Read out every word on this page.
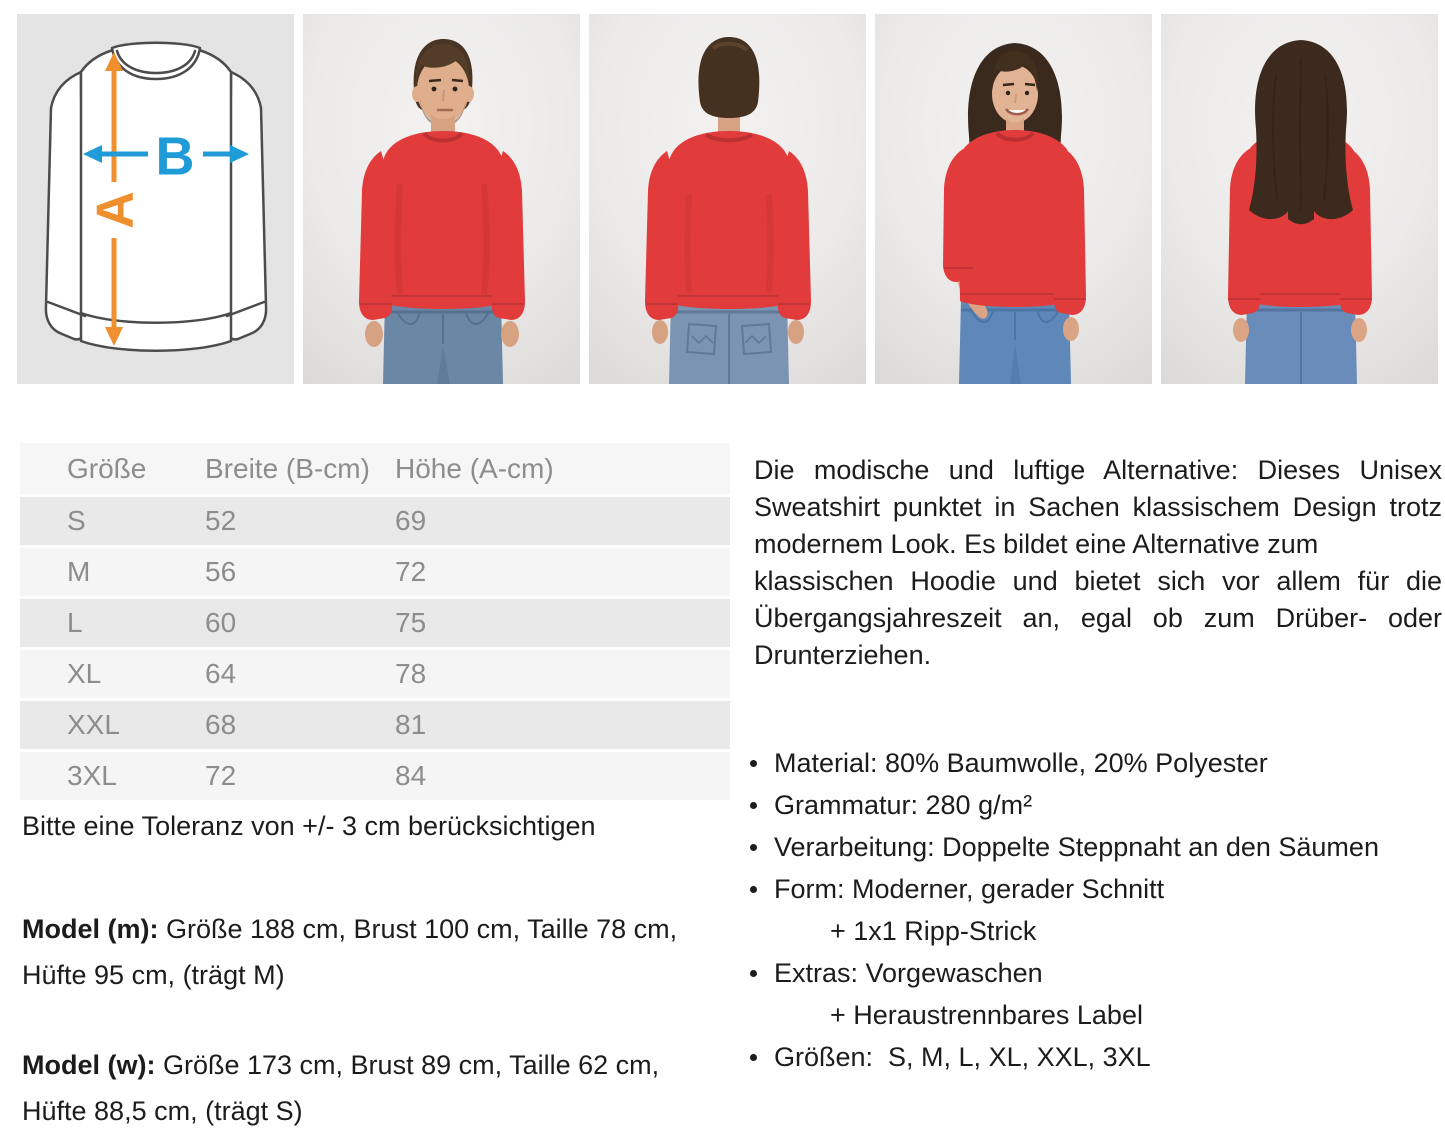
A
B
Größe	Breite (B-cm)	Höhe (A-cm)
S	52	69
M	56	72
L	60	75
XL	64	78
XXL	68	81
3XL	72	84
Bitte eine Toleranz von +/- 3 cm berücksichtigen
Model (m): Größe 188 cm, Brust 100 cm, Taille 78 cm,
Hüfte 95 cm, (trägt M)
Model (w): Größe 173 cm, Brust 89 cm, Taille 62 cm,
Hüfte 88,5 cm, (trägt S)
Die modische und luftige Alternative: Dieses Unisex
Sweatshirt punktet in Sachen klassischem Design trotz
modernem Look. Es bildet eine Alternative zum
klassischen Hoodie und bietet sich vor allem für die
Übergangsjahreszeit an, egal ob zum Drüber- oder
Drunterziehen.
Material: 80% Baumwolle, 20% Polyester
Grammatur: 280 g/m²
Verarbeitung: Doppelte Steppnaht an den Säumen
Form: Moderner, gerader Schnitt
+ 1x1 Ripp-Strick
Extras: Vorgewaschen
+ Heraustrennbares Label
Größen:  S, M, L, XL, XXL, 3XL
